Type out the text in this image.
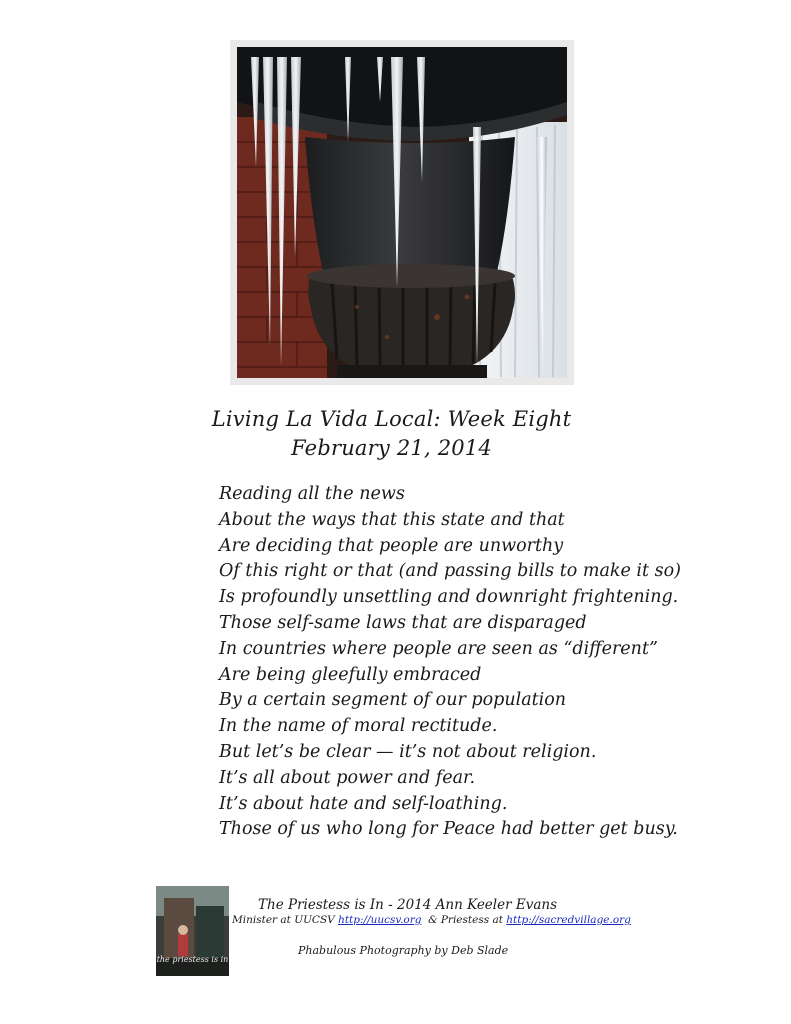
Living La Vida Local: Week Eight
February 21, 2014
Reading all the news
About the ways that this state and that
Are deciding that people are unworthy
Of this right or that (and passing bills to make it so)
Is profoundly unsettling and downright frightening.
Those self-same laws that are disparaged
In countries where people are seen as “different”
Are being gleefully embraced
By a certain segment of our population
In the name of moral rectitude.
But let’s be clear — it’s not about religion.
It’s all about power and fear.
It’s about hate and self-loathing.
Those of us who long for Peace had better get busy.
the priestess is in
The Priestess is In - 2014 Ann Keeler Evans
Minister at UUCSV http://uucsv.org  & Priestess at http://sacredvillage.org
Phabulous Photography by Deb Slade
